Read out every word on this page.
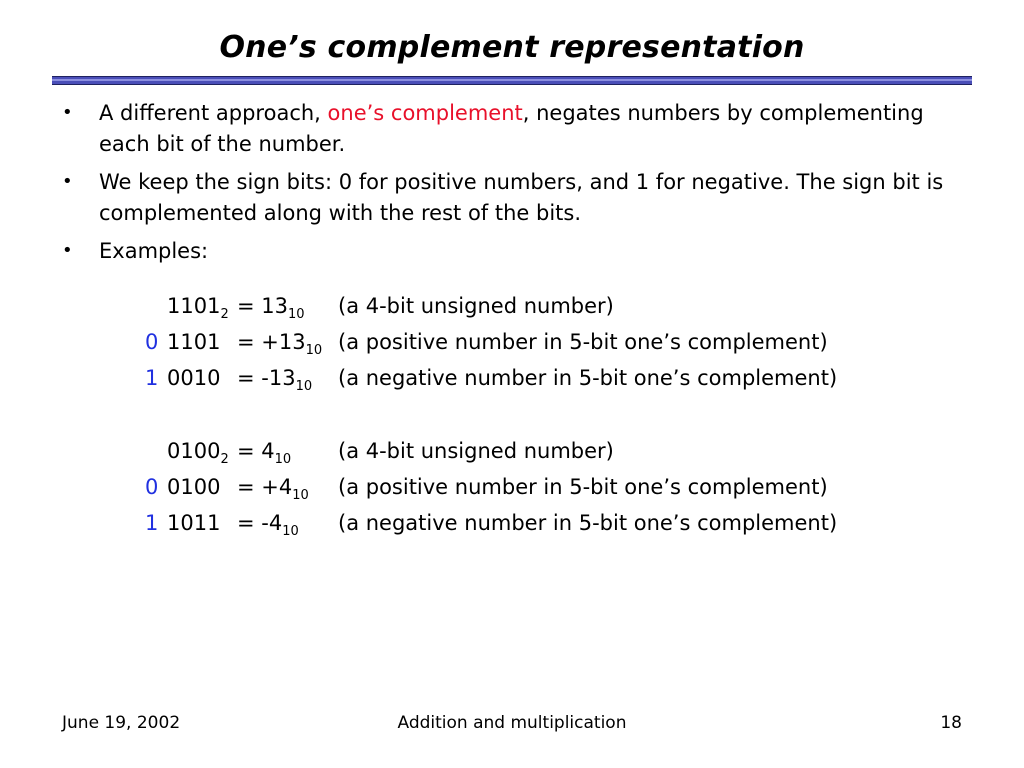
One’s complement representation
• A different approach, one’s complement, negates numbers by complementing each bit of the number.
• We keep the sign bits: 0 for positive numbers, and 1 for negative. The sign bit is complemented along with the rest of the bits.
• Examples:
$1101_2 = 13_{10}$ (a 4-bit unsigned number)
0 $1101 = +13_{10}$ (a positive number in 5-bit one’s complement)
1 $0010 = -13_{10}$ (a negative number in 5-bit one’s complement)
$0100_2 = 4_{10}$ (a 4-bit unsigned number)
0 $0100 = +4_{10}$ (a positive number in 5-bit one’s complement)
1 $1011 = -4_{10}$ (a negative number in 5-bit one’s complement)
June 19, 2002	Addition and multiplication	18
